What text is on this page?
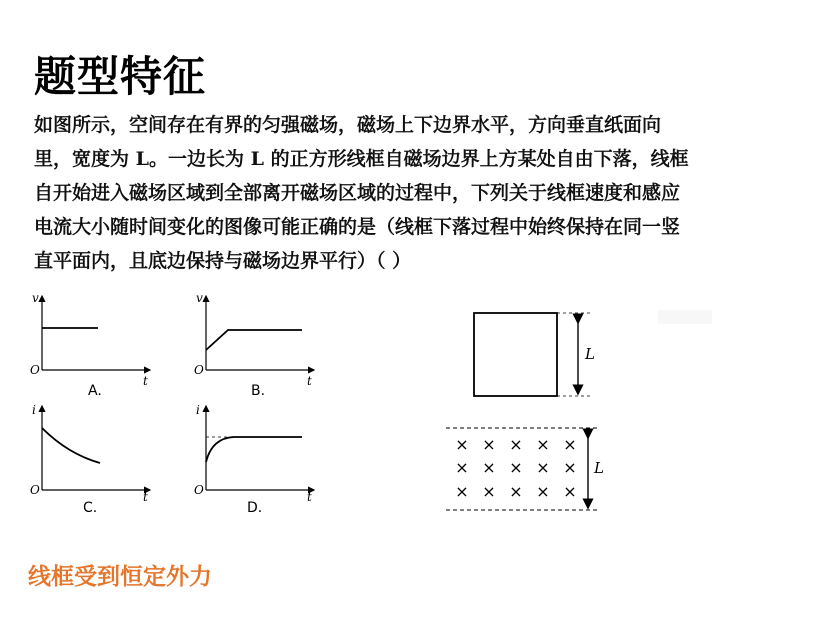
题型特征

如图所示，空间存在有界的匀强磁场，磁场上下边界水平，方向垂直纸面向

里，宽度为 L。一边长为 L 的正方形线框自磁场边界上方某处自由下落，线框

自开始进入磁场区域到全部离开磁场区域的过程中，下列关于线框速度和感应

电流大小随时间变化的图像可能正确的是（线框下落过程中始终保持在同一竖

直平面内，且底边保持与磁场边界平行）（ ）

v
O
t
A.
v
O
t
B.
i
O	t
C.
i
O	t
D.
L
L
× × × × ×
× × × × ×
× × × × ×
线框受到恒定外力
